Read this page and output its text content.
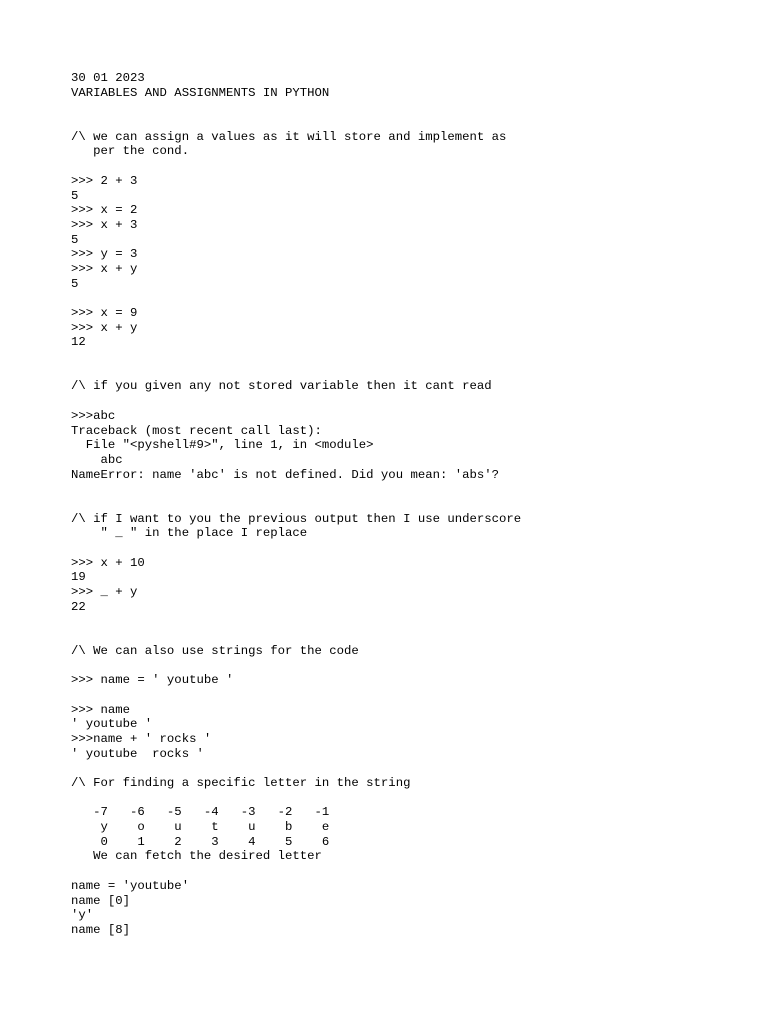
30 01 2023
VARIABLES AND ASSIGNMENTS IN PYTHON
/\ we can assign a values as it will store and implement as
per the cond.
>>> 2 + 3
5
>>> x = 2
>>> x + 3
5
>>> y = 3
>>> x + y
5
>>> x = 9
>>> x + y
12
/\ if you given any not stored variable then it cant read
>>>abc
Traceback (most recent call last):
File "<pyshell#9>", line 1, in <module>
abc
NameError: name 'abc' is not defined. Did you mean: 'abs'?
/\ if I want to you the previous output then I use underscore
" _ " in the place I replace
>>> x + 10
19
>>> _ + y
22
/\ We can also use strings for the code
>>> name = ' youtube '
>>> name
' youtube '
>>>name + ' rocks '
' youtube  rocks '
/\ For finding a specific letter in the string
-7   -6   -5   -4   -3   -2   -1
y    o    u    t    u    b    e
0    1    2    3    4    5    6
We can fetch the desired letter
name = 'youtube'
name [0]
'y'
name [8]
